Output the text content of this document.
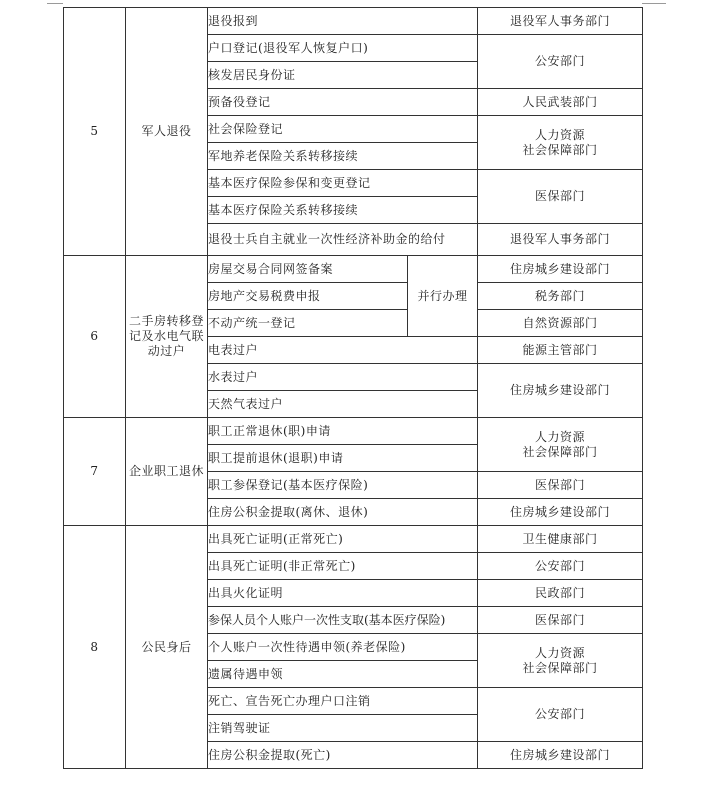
5	军人退役	退役报到		退役军人事务部门
		户口登记(退役军人恢复户口)		公安部门
		核发居民身份证		
		预备役登记		人民武装部门
		社会保险登记		人力资源
社会保障部门
		军地养老保险关系转移接续		
		基本医疗保险参保和变更登记		医保部门
		基本医疗保险关系转移接续		
		退役士兵自主就业一次性经济补助金的给付		退役军人事务部门
6	二手房转移登记及水电气联动过户	房屋交易合同网签备案	并行办理	住房城乡建设部门
		房地产交易税费申报		税务部门
		不动产统一登记		自然资源部门
		电表过户		能源主管部门
		水表过户		住房城乡建设部门
		天然气表过户		
7	企业职工退休	职工正常退休(职)申请		人力资源
社会保障部门
		职工提前退休(退职)申请		
		职工参保登记(基本医疗保险)		医保部门
		住房公积金提取(离休、退休)		住房城乡建设部门
8	公民身后	出具死亡证明(正常死亡)		卫生健康部门
		出具死亡证明(非正常死亡)		公安部门
		出具火化证明		民政部门
		参保人员个人账户一次性支取(基本医疗保险)		医保部门
		个人账户一次性待遇申领(养老保险)		人力资源
社会保障部门
		遗属待遇申领		
		死亡、宣告死亡办理户口注销		公安部门
		注销驾驶证		
		住房公积金提取(死亡)		住房城乡建设部门
